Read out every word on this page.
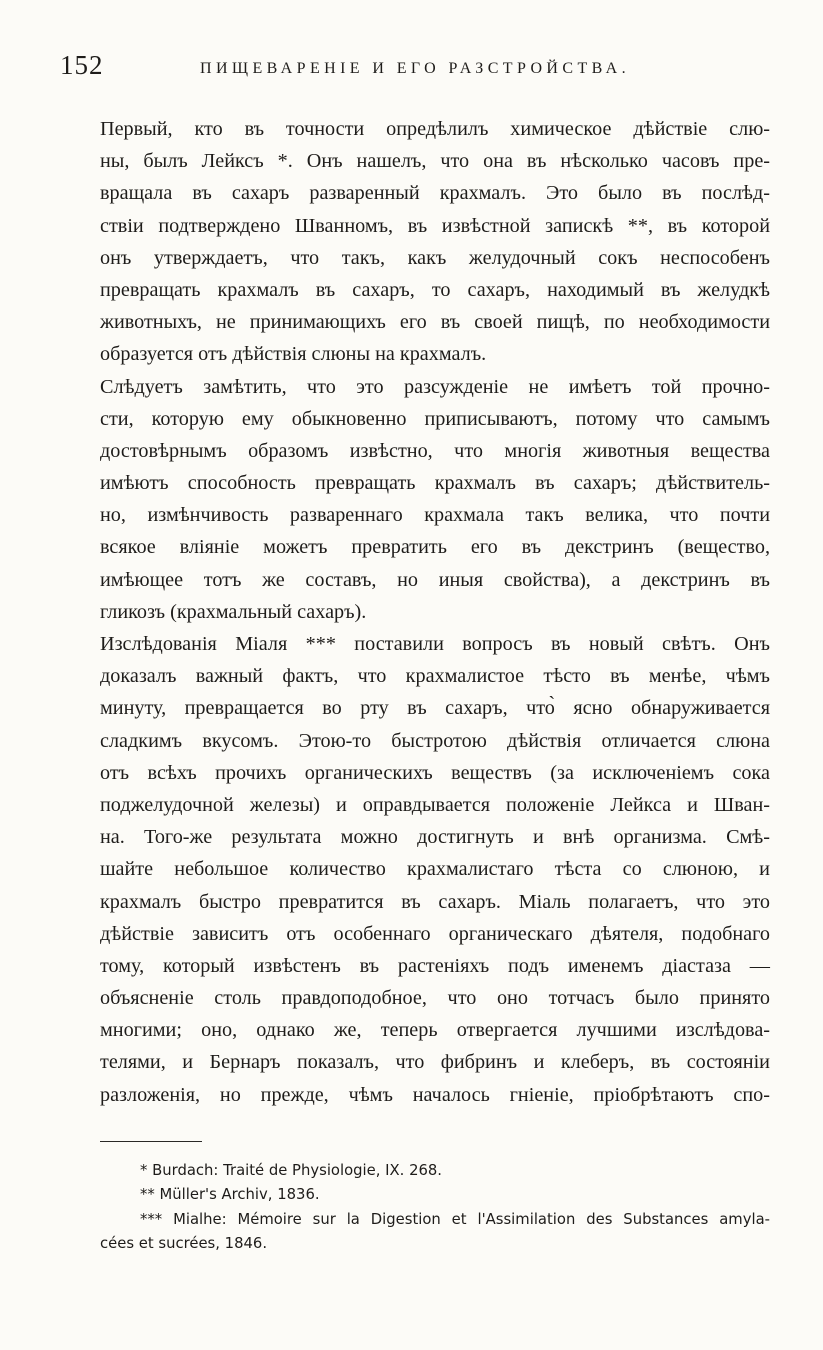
152	ПИЩЕВАРЕНІЕ И ЕГО РАЗСТРОЙСТВА.
Первый, кто въ точности опредѣлилъ химическое дѣйствіе слю-
ны, былъ Лейксъ *. Онъ нашелъ, что она въ нѣсколько часовъ пре-
вращала въ сахаръ разваренный крахмалъ. Это было въ послѣд-
ствіи подтверждено Шванномъ, въ извѣстной запискѣ **, въ которой
онъ утверждаетъ, что такъ, какъ желудочный сокъ неспособенъ
превращать крахмалъ въ сахаръ, то сахаръ, находимый въ желудкѣ
животныхъ, не принимающихъ его въ своей пищѣ, по необходимости
образуется отъ дѣйствія слюны на крахмалъ.
Слѣдуетъ замѣтить, что это разсужденіе не имѣетъ той прочно-
сти, которую ему обыкновенно приписываютъ, потому что самымъ
достовѣрнымъ образомъ извѣстно, что многія животныя вещества
имѣютъ способность превращать крахмалъ въ сахаръ; дѣйствитель-
но, измѣнчивость развареннаго крахмала такъ велика, что почти
всякое вліяніе можетъ превратить его въ декстринъ (вещество,
имѣющее тотъ же составъ, но иныя свойства), а декстринъ въ
гликозъ (крахмальный сахаръ).
Изслѣдованія Міаля *** поставили вопросъ въ новый свѣтъ. Онъ
доказалъ важный фактъ, что крахмалистое тѣсто въ менѣе, чѣмъ
минуту, превращается во рту въ сахаръ, что̀ ясно обнаруживается
сладкимъ вкусомъ. Этою-то быстротою дѣйствія отличается слюна
отъ всѣхъ прочихъ органическихъ веществъ (за исключеніемъ сока
поджелудочной железы) и оправдывается положеніе Лейкса и Шван-
на. Того-же результата можно достигнуть и внѣ организма. Смѣ-
шайте небольшое количество крахмалистаго тѣста со слюною, и
крахмалъ быстро превратится въ сахаръ. Міаль полагаетъ, что это
дѣйствіе зависитъ отъ особеннаго органическаго дѣятеля, подобнаго
тому, который извѣстенъ въ растеніяхъ подъ именемъ діастаза —
объясненіе столь правдоподобное, что оно тотчасъ было принято
многими; оно, однако же, теперь отвергается лучшими изслѣдова-
телями, и Бернаръ показалъ, что фибринъ и клеберъ, въ состояніи
разложенія, но прежде, чѣмъ началось гніеніе, пріобрѣтаютъ спо-
* Burdach: Traité de Physiologie, IX. 268.
** Müller's Archiv, 1836.
*** Mialhe: Mémoire sur la Digestion et l'Assimilation des Substances amyla-
cées et sucrées, 1846.
